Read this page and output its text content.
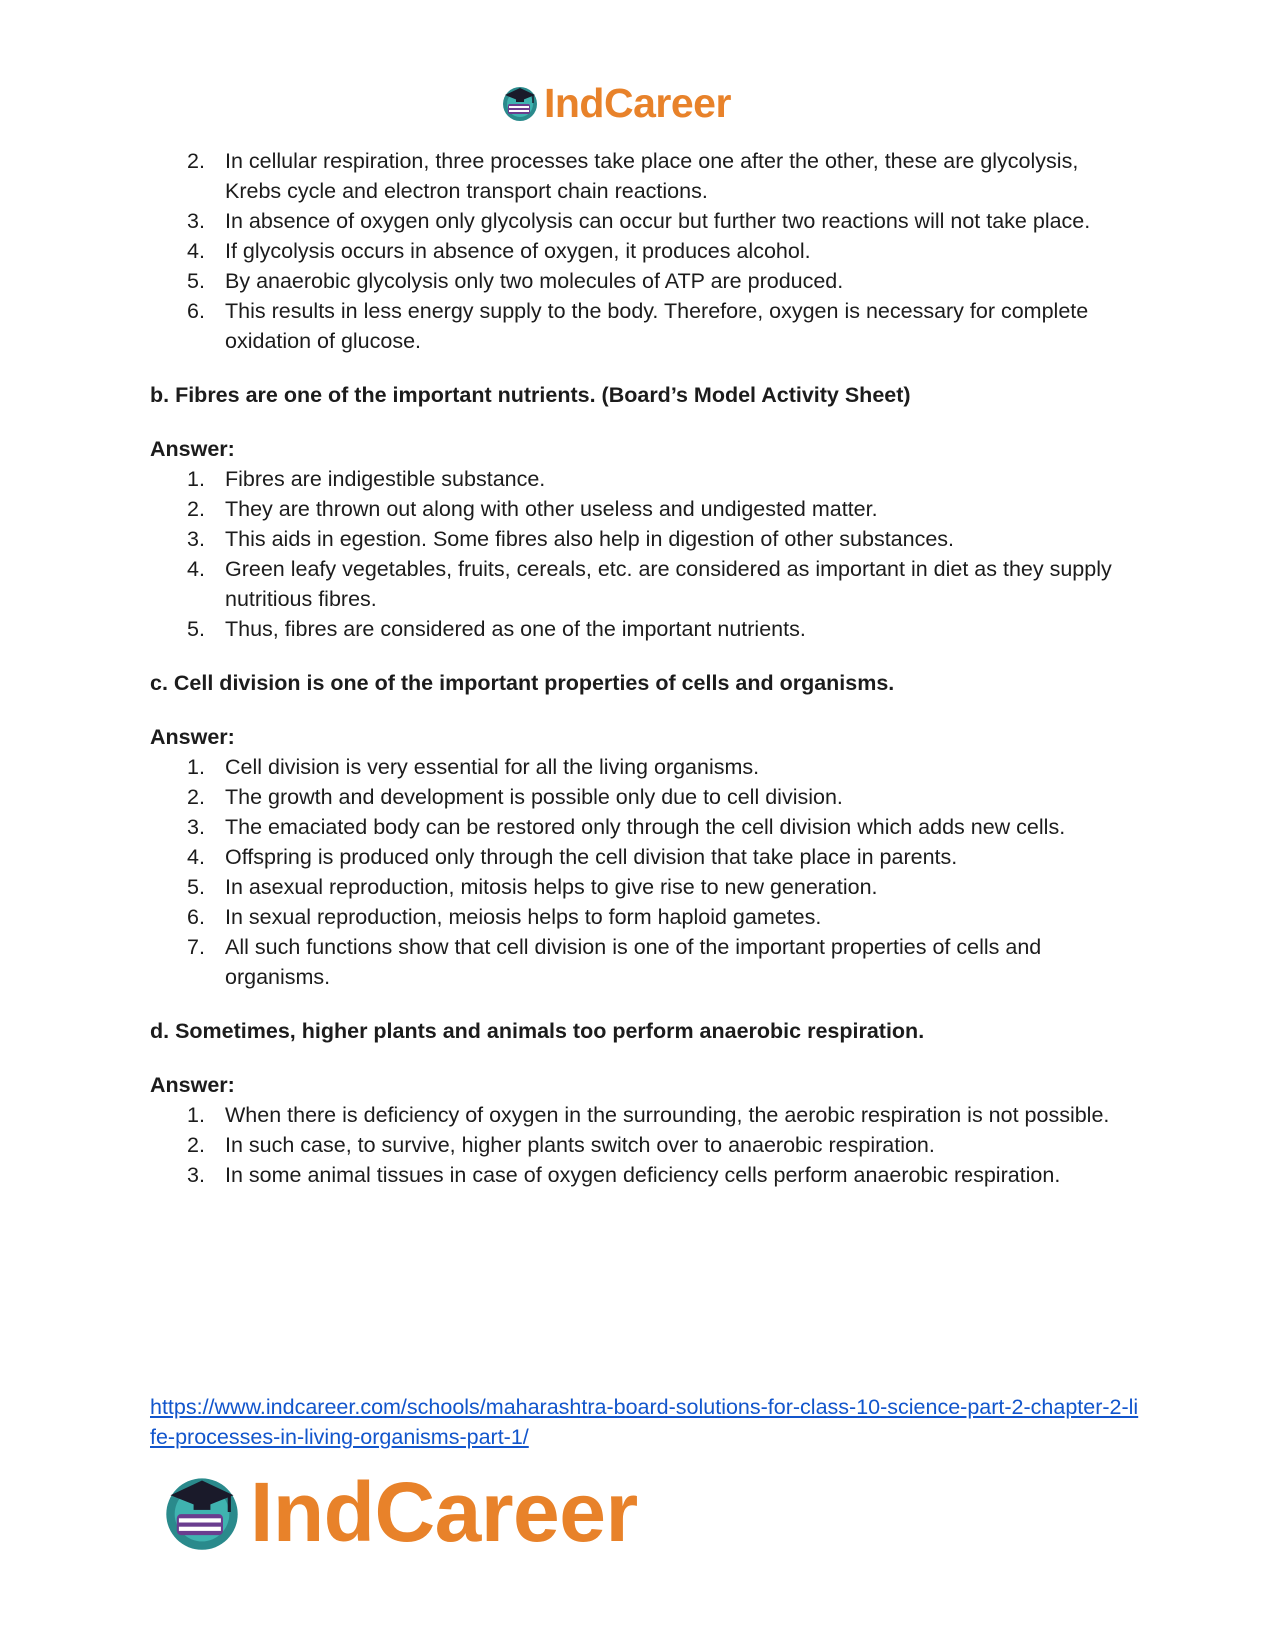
IndCareer
2. In cellular respiration, three processes take place one after the other, these are glycolysis, Krebs cycle and electron transport chain reactions.
3. In absence of oxygen only glycolysis can occur but further two reactions will not take place.
4. If glycolysis occurs in absence of oxygen, it produces alcohol.
5. By anaerobic glycolysis only two molecules of ATP are produced.
6. This results in less energy supply to the body. Therefore, oxygen is necessary for complete oxidation of glucose.
b. Fibres are one of the important nutrients. (Board’s Model Activity Sheet)
Answer:
1. Fibres are indigestible substance.
2. They are thrown out along with other useless and undigested matter.
3. This aids in egestion. Some fibres also help in digestion of other substances.
4. Green leafy vegetables, fruits, cereals, etc. are considered as important in diet as they supply nutritious fibres.
5. Thus, fibres are considered as one of the important nutrients.
c. Cell division is one of the important properties of cells and organisms.
Answer:
1. Cell division is very essential for all the living organisms.
2. The growth and development is possible only due to cell division.
3. The emaciated body can be restored only through the cell division which adds new cells.
4. Offspring is produced only through the cell division that take place in parents.
5. In asexual reproduction, mitosis helps to give rise to new generation.
6. In sexual reproduction, meiosis helps to form haploid gametes.
7. All such functions show that cell division is one of the important properties of cells and organisms.
d. Sometimes, higher plants and animals too perform anaerobic respiration.
Answer:
1. When there is deficiency of oxygen in the surrounding, the aerobic respiration is not possible.
2. In such case, to survive, higher plants switch over to anaerobic respiration.
3. In some animal tissues in case of oxygen deficiency cells perform anaerobic respiration.
https://www.indcareer.com/schools/maharashtra-board-solutions-for-class-10-science-part-2-chapter-2-life-processes-in-living-organisms-part-1/
IndCareer
